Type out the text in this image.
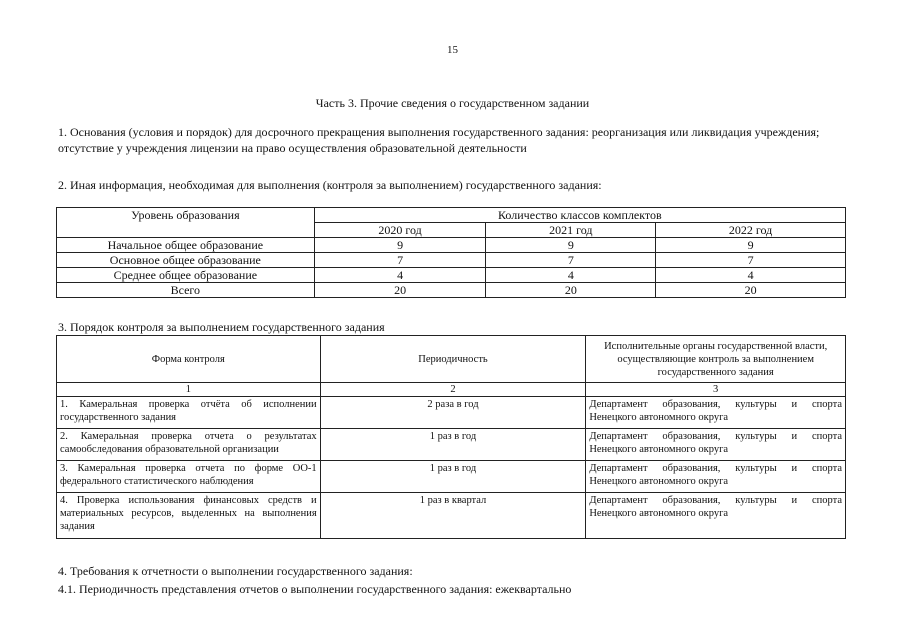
15
Часть 3. Прочие сведения о государственном задании
1. Основания (условия и порядок) для досрочного прекращения выполнения государственного задания: реорганизация или ликвидация учреждения; отсутствие у учреждения лицензии на право осуществления образовательной деятельности
2. Иная информация, необходимая для выполнения (контроля за выполнением) государственного задания:
Уровень образования	Количество классов комплектов		
	2020 год	2021 год	2022 год
Начальное общее образование	9	9	9
Основное общее образование	7	7	7
Среднее общее образование	4	4	4
Всего	20	20	20
3. Порядок контроля за выполнением государственного задания
Форма контроля	Периодичность	Исполнительные органы государственной власти, осуществляющие контроль за выполнением государственного задания
1	2	3
1. Камеральная проверка отчёта об исполнении государственного задания	2 раза в год	Департамент образования, культуры и спорта Ненецкого автономного округа
2. Камеральная проверка отчета о результатах самообследования образовательной организации	1 раз в год	Департамент образования, культуры и спорта Ненецкого автономного округа
3. Камеральная проверка отчета по форме ОО-1 федерального статистического наблюдения	1 раз в год	Департамент образования, культуры и спорта Ненецкого автономного округа
4. Проверка использования финансовых средств и материальных ресурсов, выделенных на выполнения задания	1 раз в квартал	Департамент образования, культуры и спорта Ненецкого автономного округа
4. Требования к отчетности о выполнении государственного задания:
4.1. Периодичность представления отчетов о выполнении государственного задания: ежеквартально
